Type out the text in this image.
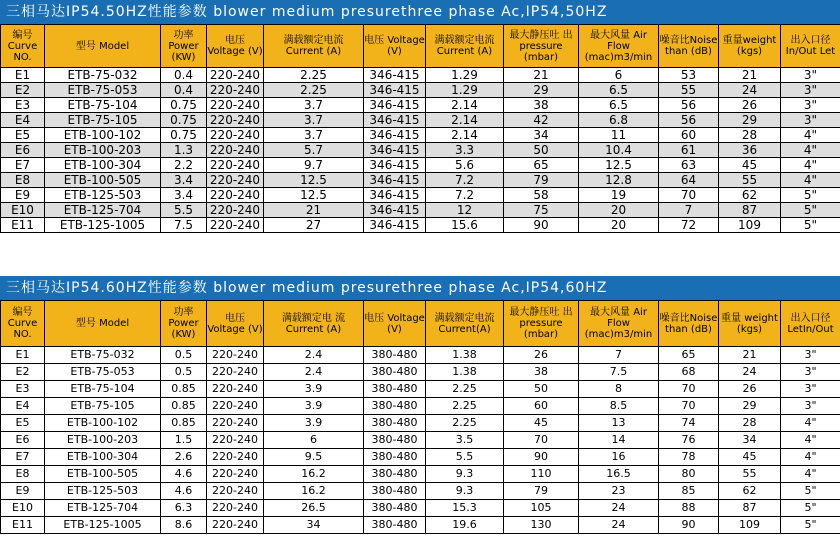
三相马达IP54.50HZ性能参数 blower medium presurethree phase Ac,IP54,50HZ
编号 Curve NO.	型号 Model	功率 Power (KW)	电压 Voltage (V)	满载额定电流 Current (A)	电压 Voltage (V)	满载额定电流 Current (A)	最大静压吐 出pressure (mbar)	最大风量 Air Flow (mac)m3/min	噪音比Noise than (dB)	重量weight (kgs)	出入口径 In/Out Let
E1	ETB-75-032	0.4	220-240	2.25	346-415	1.29	21	6	53	21	3"
E2	ETB-75-053	0.4	220-240	2.25	346-415	1.29	29	6.5	55	24	3"
E3	ETB-75-104	0.75	220-240	3.7	346-415	2.14	38	6.5	56	26	3"
E4	ETB-75-105	0.75	220-240	3.7	346-415	2.14	42	6.8	56	29	3"
E5	ETB-100-102	0.75	220-240	3.7	346-415	2.14	34	11	60	28	4"
E6	ETB-100-203	1.3	220-240	5.7	346-415	3.3	50	10.4	61	36	4"
E7	ETB-100-304	2.2	220-240	9.7	346-415	5.6	65	12.5	63	45	4"
E8	ETB-100-505	3.4	220-240	12.5	346-415	7.2	79	12.8	64	55	4"
E9	ETB-125-503	3.4	220-240	12.5	346-415	7.2	58	19	70	62	5"
E10	ETB-125-704	5.5	220-240	21	346-415	12	75	20	7	87	5"
E11	ETB-125-1005	7.5	220-240	27	346-415	15.6	90	20	72	109	5"
三相马达IP54.60HZ性能参数 blower medium presurethree phase Ac,IP54,60HZ
编号 Curve NO.	型号 Model	功率 Power (KW)	电压 Voltage (V)	满载额定电 流 Current (A)	电压 Voltage (V)	满载额定电流 Current(A)	最大静压吐 出pressure (mbar)	最大风量 Air Flow (mac)m3/min	噪音比Noise than (dB)	重量 weight (kgs)	出入口径 LetIn/Out
E1	ETB-75-032	0.5	220-240	2.4	380-480	1.38	26	7	65	21	3"
E2	ETB-75-053	0.5	220-240	2.4	380-480	1.38	38	7.5	68	24	3"
E3	ETB-75-104	0.85	220-240	3.9	380-480	2.25	50	8	70	26	3"
E4	ETB-75-105	0.85	220-240	3.9	380-480	2.25	60	8.5	70	29	3"
E5	ETB-100-102	0.85	220-240	3.9	380-480	2.25	45	13	74	28	4"
E6	ETB-100-203	1.5	220-240	6	380-480	3.5	70	14	76	34	4"
E7	ETB-100-304	2.6	220-240	9.5	380-480	5.5	90	16	78	45	4"
E8	ETB-100-505	4.6	220-240	16.2	380-480	9.3	110	16.5	80	55	4"
E9	ETB-125-503	4.6	220-240	16.2	380-480	9.3	79	23	85	62	5"
E10	ETB-125-704	6.3	220-240	26.5	380-480	15.3	105	24	88	87	5"
E11	ETB-125-1005	8.6	220-240	34	380-480	19.6	130	24	90	109	5"
